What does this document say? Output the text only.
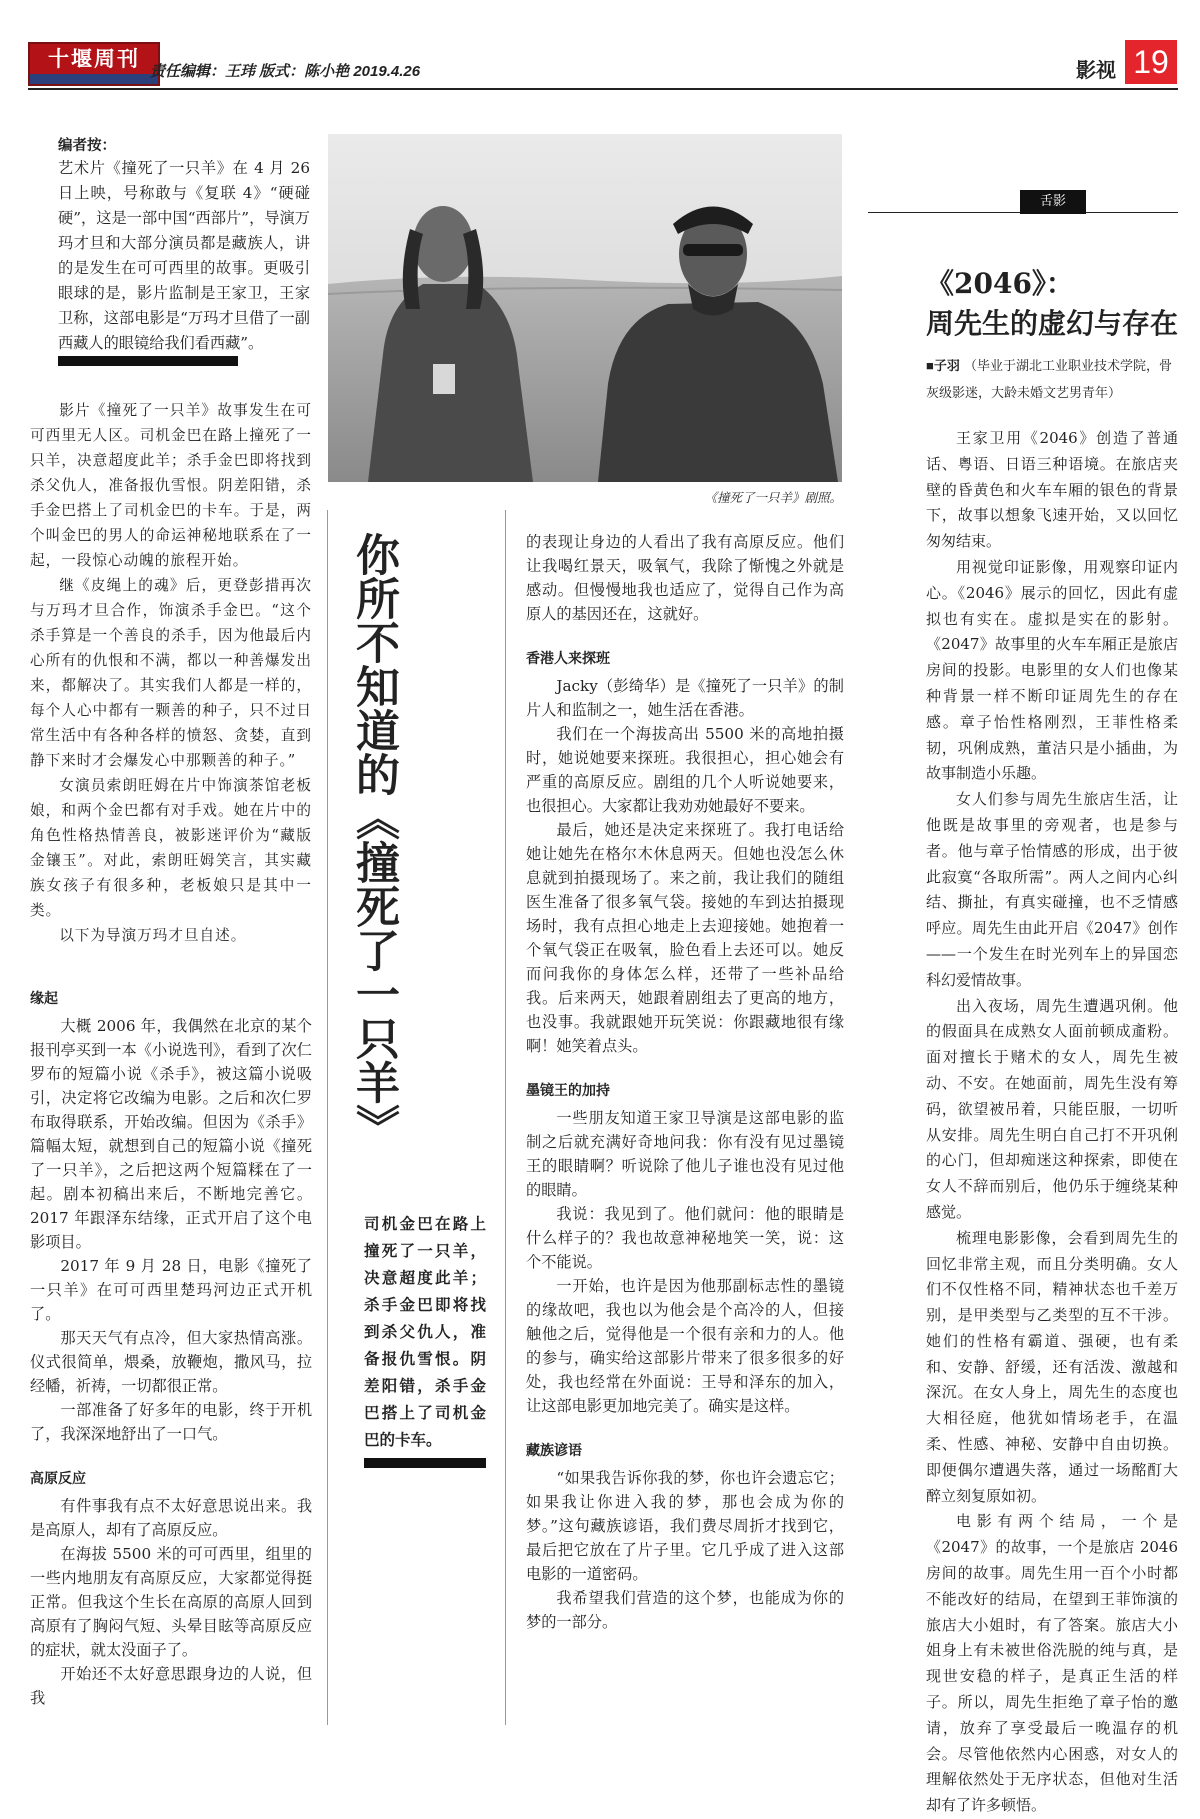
十堰周刊
责任编辑：王玮 版式：陈小艳 2019.4.26	影视 19
编者按：

艺术片《撞死了一只羊》在 4 月 26 日上映，号称敢与《复联 4》“硬碰硬”，这是一部中国“西部片”，导演万玛才旦和大部分演员都是藏族人，讲的是发生在可可西里的故事。更吸引眼球的是，影片监制是王家卫，王家卫称，这部电影是“万玛才旦借了一副西藏人的眼镜给我们看西藏”。

影片《撞死了一只羊》故事发生在可可西里无人区。司机金巴在路上撞死了一只羊，决意超度此羊；杀手金巴即将找到杀父仇人，准备报仇雪恨。阴差阳错，杀手金巴搭上了司机金巴的卡车。于是，两个叫金巴的男人的命运神秘地联系在了一起，一段惊心动魄的旅程开始。

继《皮绳上的魂》后，更登彭措再次与万玛才旦合作，饰演杀手金巴。“这个杀手算是一个善良的杀手，因为他最后内心所有的仇恨和不满，都以一种善爆发出来，都解决了。其实我们人都是一样的，每个人心中都有一颗善的种子，只不过日常生活中有各种各样的愤怒、贪婪，直到静下来时才会爆发心中那颗善的种子。”

女演员索朗旺姆在片中饰演茶馆老板娘，和两个金巴都有对手戏。她在片中的角色性格热情善良，被影迷评价为“藏版金镶玉”。对此，索朗旺姆笑言，其实藏族女孩子有很多种，老板娘只是其中一类。

以下为导演万玛才旦自述。

缘起

大概 2006 年，我偶然在北京的某个报刊亭买到一本《小说选刊》，看到了次仁罗布的短篇小说《杀手》，被这篇小说吸引，决定将它改编为电影。之后和次仁罗布取得联系，开始改编。但因为《杀手》篇幅太短，就想到自己的短篇小说《撞死了一只羊》，之后把这两个短篇糅在了一起。剧本初稿出来后，不断地完善它。2017 年跟泽东结缘，正式开启了这个电影项目。

2017 年 9 月 28 日，电影《撞死了一只羊》在可可西里楚玛河边正式开机了。

那天天气有点冷，但大家热情高涨。仪式很简单，煨桑，放鞭炮，撒风马，拉经幡，祈祷，一切都很正常。

一部准备了好多年的电影，终于开机了，我深深地舒出了一口气。

高原反应

有件事我有点不太好意思说出来。我是高原人，却有了高原反应。

在海拔 5500 米的可可西里，组里的一些内地朋友有高原反应，大家都觉得挺正常。但我这个生长在高原的高原人回到高原有了胸闷气短、头晕目眩等高原反应的症状，就太没面子了。

开始还不太好意思跟身边的人说，但我

《撞死了一只羊》剧照。
你所不知道的《撞死了一只羊》
司机金巴在路上撞死了一只羊，决意超度此羊；杀手金巴即将找到杀父仇人，准备报仇雪恨。阴差阳错，杀手金巴搭上了司机金巴的卡车。

的表现让身边的人看出了我有高原反应。他们让我喝红景天，吸氧气，我除了惭愧之外就是感动。但慢慢地我也适应了，觉得自己作为高原人的基因还在，这就好。

香港人来探班

Jacky（彭绮华）是《撞死了一只羊》的制片人和监制之一，她生活在香港。

我们在一个海拔高出 5500 米的高地拍摄时，她说她要来探班。我很担心，担心她会有严重的高原反应。剧组的几个人听说她要来，也很担心。大家都让我劝劝她最好不要来。

最后，她还是决定来探班了。我打电话给她让她先在格尔木休息两天。但她也没怎么休息就到拍摄现场了。来之前，我让我们的随组医生准备了很多氧气袋。接她的车到达拍摄现场时，我有点担心地走上去迎接她。她抱着一个氧气袋正在吸氧，脸色看上去还可以。她反而问我你的身体怎么样，还带了一些补品给我。后来两天，她跟着剧组去了更高的地方，也没事。我就跟她开玩笑说：你跟藏地很有缘啊！她笑着点头。

墨镜王的加持

一些朋友知道王家卫导演是这部电影的监制之后就充满好奇地问我：你有没有见过墨镜王的眼睛啊？听说除了他儿子谁也没有见过他的眼睛。

我说：我见到了。他们就问：他的眼睛是什么样子的？我也故意神秘地笑一笑，说：这个不能说。

一开始，也许是因为他那副标志性的墨镜的缘故吧，我也以为他会是个高冷的人，但接触他之后，觉得他是一个很有亲和力的人。他的参与，确实给这部影片带来了很多很多的好处，我也经常在外面说：王导和泽东的加入，让这部电影更加地完美了。确实是这样。

藏族谚语

“如果我告诉你我的梦，你也许会遗忘它；如果我让你进入我的梦，那也会成为你的梦。”这句藏族谚语，我们费尽周折才找到它，最后把它放在了片子里。它几乎成了进入这部电影的一道密码。

我希望我们营造的这个梦，也能成为你的梦的一部分。

舌影
《2046》：
周先生的虚幻与存在
■子羽 （毕业于湖北工业职业技术学院，骨灰级影迷，大龄未婚文艺男青年）

王家卫用《2046》创造了普通话、粤语、日语三种语境。在旅店夹壁的昏黄色和火车车厢的银色的背景下，故事以想象飞速开始，又以回忆匆匆结束。

用视觉印证影像，用观察印证内心。《2046》展示的回忆，因此有虚拟也有实在。虚拟是实在的影射。《2047》故事里的火车车厢正是旅店房间的投影。电影里的女人们也像某种背景一样不断印证周先生的存在感。章子怡性格刚烈，王菲性格柔韧，巩俐成熟，董洁只是小插曲，为故事制造小乐趣。

女人们参与周先生旅店生活，让他既是故事里的旁观者，也是参与者。他与章子怡情感的形成，出于彼此寂寞“各取所需”。两人之间内心纠结、撕扯，有真实碰撞，也不乏情感呼应。周先生由此开启《2047》创作——一个发生在时光列车上的异国恋科幻爱情故事。

出入夜场，周先生遭遇巩俐。他的假面具在成熟女人面前顿成齑粉。面对擅长于赌术的女人，周先生被动、不安。在她面前，周先生没有筹码，欲望被吊着，只能臣服，一切听从安排。周先生明白自己打不开巩俐的心门，但却痴迷这种探索，即使在女人不辞而别后，他仍乐于缠绕某种感觉。

梳理电影影像，会看到周先生的回忆非常主观，而且分类明确。女人们不仅性格不同，精神状态也千差万别，是甲类型与乙类型的互不干涉。她们的性格有霸道、强硬，也有柔和、安静、舒缓，还有活泼、激越和深沉。在女人身上，周先生的态度也大相径庭，他犹如情场老手，在温柔、性感、神秘、安静中自由切换。即便偶尔遭遇失落，通过一场酩酊大醉立刻复原如初。

电影有两个结局，一个是《2047》的故事，一个是旅店 2046 房间的故事。周先生用一百个小时都不能改好的结局，在望到王菲饰演的旅店大小姐时，有了答案。旅店大小姐身上有未被世俗洗脱的纯与真，是现世安稳的样子，是真正生活的样子。所以，周先生拒绝了章子怡的邀请，放弃了享受最后一晚温存的机会。尽管他依然内心困惑，对女人的理解依然处于无序状态，但他对生活却有了许多顿悟。
